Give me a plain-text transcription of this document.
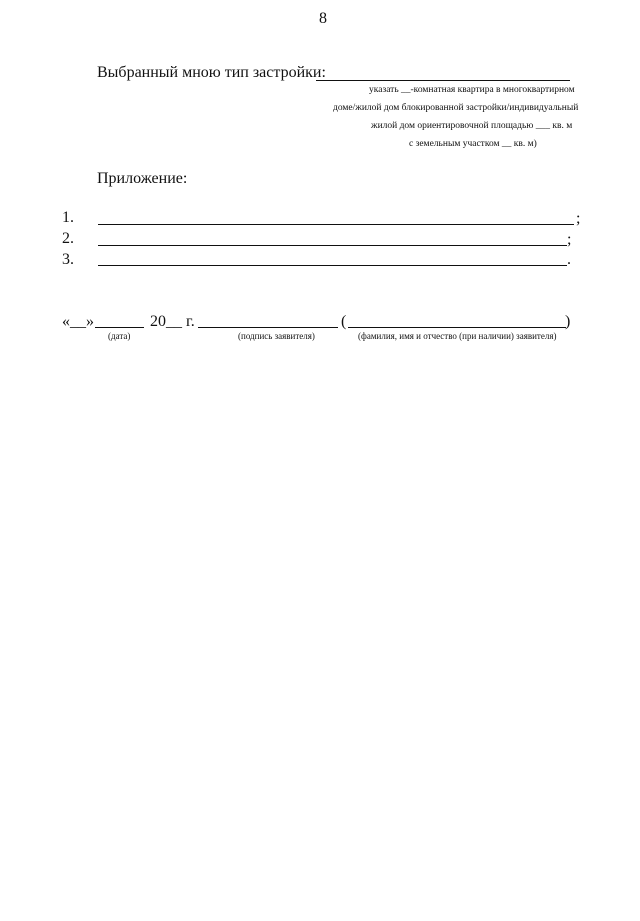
8
Выбранный мною тип застройки:
указать __-комнатная квартира в многоквартирном
доме/жилой дом блокированной застройки/индивидуальный
жилой дом ориентировочной площадью ___ кв. м
с земельным участком __ кв. м)
Приложение:
1.	;
2.	;
3.	.
«__»	20__ г.	(	)
(дата)	(подпись заявителя)	(фамилия, имя и отчество (при наличии) заявителя)
